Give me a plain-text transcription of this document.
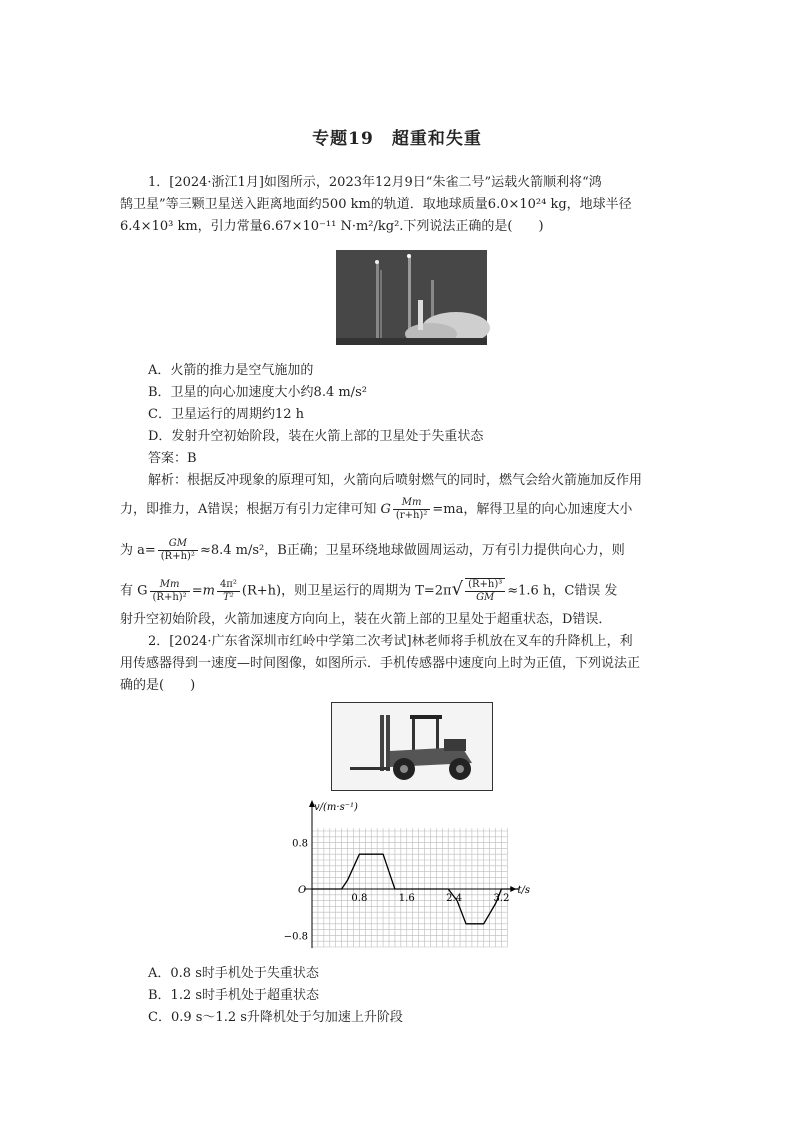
专题19　超重和失重
1．[2024·浙江1月]如图所示，2023年12月9日“朱雀二号”运载火箭顺利将“鸿
鹄卫星”等三颗卫星送入距离地面约500 km的轨道．取地球质量6.0×10²⁴ kg，地球半径
6.4×10³ km，引力常量6.67×10⁻¹¹ N·m²/kg².下列说法正确的是(　　)
A．火箭的推力是空气施加的
B．卫星的向心加速度大小约8.4 m/s²
C．卫星运行的周期约12 h
D．发射升空初始阶段，装在火箭上部的卫星处于失重状态
答案：B
解析：根据反冲现象的原理可知，火箭向后喷射燃气的同时，燃气会给火箭施加反作用
力，即推力，A错误；根据万有引力定律可知 G $\frac{Mm}{\text{(r+h)²}} =ma$，解得卫星的向心加速度大小
为 $a= \frac{GM}{\text{(R+h)²}} \approx 8.4$ m/s²，B正确；卫星环绕地球做圆周运动，万有引力提供向心力，则
有 G $\frac{Mm}{\text{(R+h)²}} =m \frac{\text{4π²}}{\text{T²}} (R+h)$，则卫星运行的周期为 $T=2\pi√ \frac{\text{(R+h)³}}{GM} \approx 1.6$ h，C错误 发
射升空初始阶段，火箭加速度方向向上，装在火箭上部的卫星处于超重状态，D错误．
2．[2024·广东省深圳市红岭中学第二次考试]林老师将手机放在叉车的升降机上，利
用传感器得到一速度—时间图像，如图所示．手机传感器中速度向上时为正值，下列说法正
确的是(　　)
v/(m·s⁻¹)
t/s
O
0.8
−0.8
0.8	1.6	2.4	3.2
A．0.8 s时手机处于失重状态
B．1.2 s时手机处于超重状态
C．0.9 s～1.2 s升降机处于匀加速上升阶段
